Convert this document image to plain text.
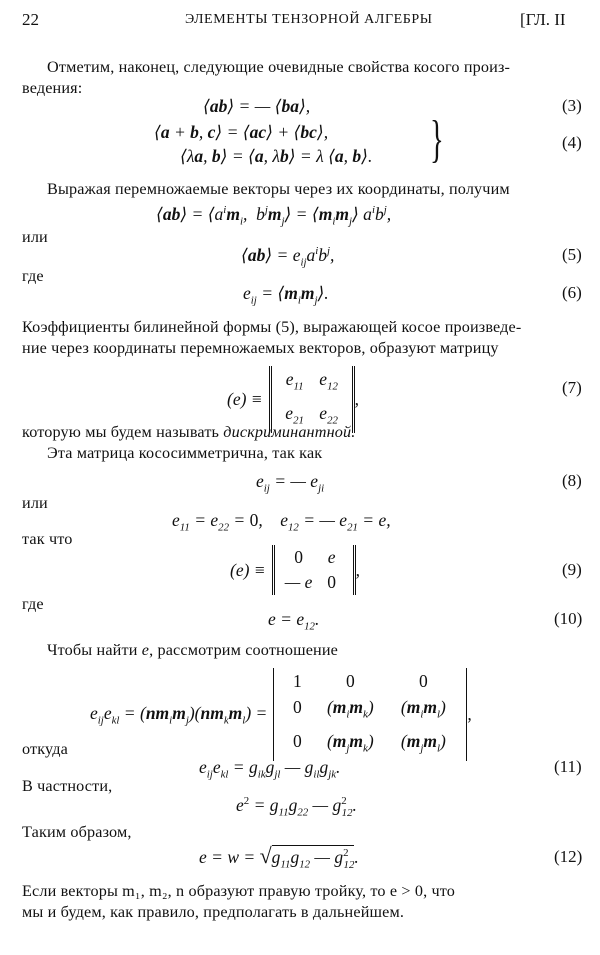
22	ЭЛЕМЕНТЫ ТЕНЗОРНОЙ АЛГЕБРЫ	[ГЛ. II
Отметим, наконец, следующие очевидные свойства косого произ-
ведения:
⟨ab⟩ = — ⟨ba⟩,	(3)
⟨a + b, c⟩ = ⟨ac⟩ + ⟨bc⟩,
⟨λa, b⟩ = ⟨a, λb⟩ = λ ⟨a, b⟩. }	(4)
Выражая перемножаемые векторы через их координаты, получим
⟨ab⟩ = $⟨a^im_i$,  $b^jm_j⟩$ = $⟨m_im_j⟩$ $a^ib^j$,
или
⟨ab⟩ = $e_{ij}a^ib^j$,	(5)
где
$e_{ij}$ = $⟨m_im_j⟩$.	(6)
Коэффициенты билинейной формы (5), выражающей косое произведе-
ние через координаты перемножаемых векторов, образуют матрицу
(e) ≡
$e_{11}$ $e_{12}$
$e_{21}$ $e_{22}$
,
(7)
которую мы будем называть дискриминантной.
Эта матрица кососимметрична, так как
$e_{ij}$ = — $e_{ji}$	(8)
или
$e_{11} = e_{22} = 0$,    $e_{12}$ = — $e_{21} = e$,
так что
(e) ≡
0	e
— e 0
,	(9)
где
$e = e_{12}$.	(10)
Чтобы найти e, рассмотрим соотношение
$e_{ij}e_{kl} = (nm_im_j)(nm_km_l)$ =
1	0	0
0	$(m_im_k)$	$(m_im_l)$
0	$(m_jm_k)$	$(m_jm_l)$
,
откуда
$e_{ij}e_{kl} = g_{ik}g_{jl}$ — $g_{il}g_{jk}$.	(11)
В частности,
$e^2 = g_{11}g_{22}$ — $g^2_{12}$.
Таким образом,
$e = w = √g_{11}g_{12}$ — $g^2_{12}$.	(12)
Если векторы m₁, m₂, n образуют правую тройку, то e > 0, что
мы и будем, как правило, предполагать в дальнейшем.
